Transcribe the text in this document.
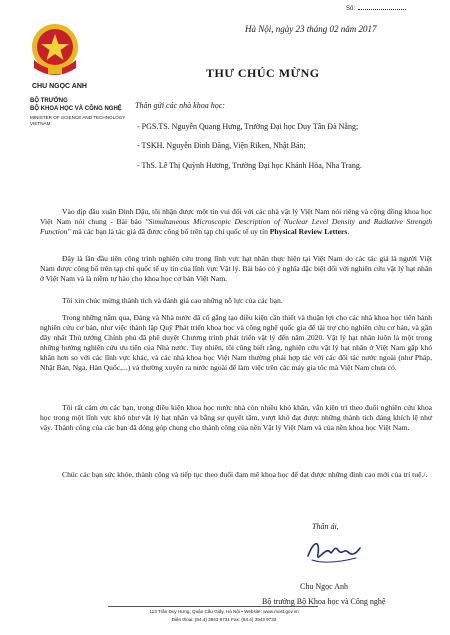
Số:
CHU NGỌC ANH
BỘ TRƯỞNG
BỘ KHOA HỌC VÀ CÔNG NGHỆ
MINISTER OF SCIENCE AND TECHNOLOGY VIETNAM
Hà Nội, ngày 23 tháng 02 năm 2017
THƯ CHÚC MỪNG
Thân gửi các nhà khoa học:
- PGS.TS. Nguyễn Quang Hưng, Trường Đại học Duy Tân Đà Nẵng;
- TSKH. Nguyễn Đình Đăng, Viện Riken, Nhật Bản;
- ThS. Lê Thị Quỳnh Hương, Trường Đại học Khánh Hòa, Nha Trang.
Vào dịp đầu xuân Đinh Dậu, tôi nhận được một tin vui đối với các nhà vật lý Việt Nam nói riêng và cộng đồng khoa học Việt Nam nói chung - Bài báo "Simultaneous Microscopic Description of Nuclear Level Density and Radiative Strength Function" mà các bạn là tác giả đã được công bố trên tạp chí quốc tế uy tín Physical Review Letters.
Đây là lần đầu tiên công trình nghiên cứu trong lĩnh vực hạt nhân thực hiện tại Việt Nam do các tác giả là người Việt Nam được công bố trên tạp chí quốc tế uy tín của lĩnh vực Vật lý. Bài báo có ý nghĩa đặc biệt đối với nghiên cứu vật lý hạt nhân ở Việt Nam và là niềm tự hào cho khoa học cơ bản Việt Nam.
Tôi xin chúc mừng thành tích và đánh giá cao những nỗ lực của các bạn.
Trong những năm qua, Đảng và Nhà nước đã cố gắng tạo điều kiện cần thiết và thuận lợi cho các nhà khoa học tiến hành nghiên cứu cơ bản, như việc thành lập Quỹ Phát triển khoa học và công nghệ quốc gia để tài trợ cho nghiên cứu cơ bản, và gần đây nhất Thủ tướng Chính phủ đã phê duyệt Chương trình phát triển vật lý đến năm 2020. Vật lý hạt nhân luôn là một trong những hướng nghiên cứu ưu tiên của Nhà nước. Tuy nhiên, tôi cũng biết rằng, nghiên cứu vật lý hạt nhân ở Việt Nam gặp khó khăn hơn so với các lĩnh vực khác, và các nhà khoa học Việt Nam thường phải hợp tác với các đối tác nước ngoài (như Pháp, Nhật Bản, Nga, Hàn Quốc,...) và thường xuyên ra nước ngoài để làm việc trên các máy gia tốc mà Việt Nam chưa có.
Tôi rất cảm ơn các bạn, trong điều kiện khoa học nước nhà còn nhiều khó khăn, vẫn kiên trì theo đuổi nghiên cứu khoa học trong một lĩnh vực khó như vật lý hạt nhân và bằng sự quyết tâm, vượt khó đạt được những thành tích đáng khích lệ như vậy. Thành công của các bạn đã đóng góp chung cho thành công của nền Vật lý Việt Nam và của nền khoa học Việt Nam.
Chúc các bạn sức khỏe, thành công và tiếp tục theo đuổi đam mê khoa học để đạt được những đỉnh cao mới của trí tuệ./.
Thân ái,
Chu Ngọc Anh
Bộ trưởng Bộ Khoa học và Công nghệ
113 Trần Duy Hưng, Quận Cầu Giấy, Hà Nội • Website: www.most.gov.vn
Điện thoại: (84.4) 3943 9731 Fax: (84.4) 3943 9733
